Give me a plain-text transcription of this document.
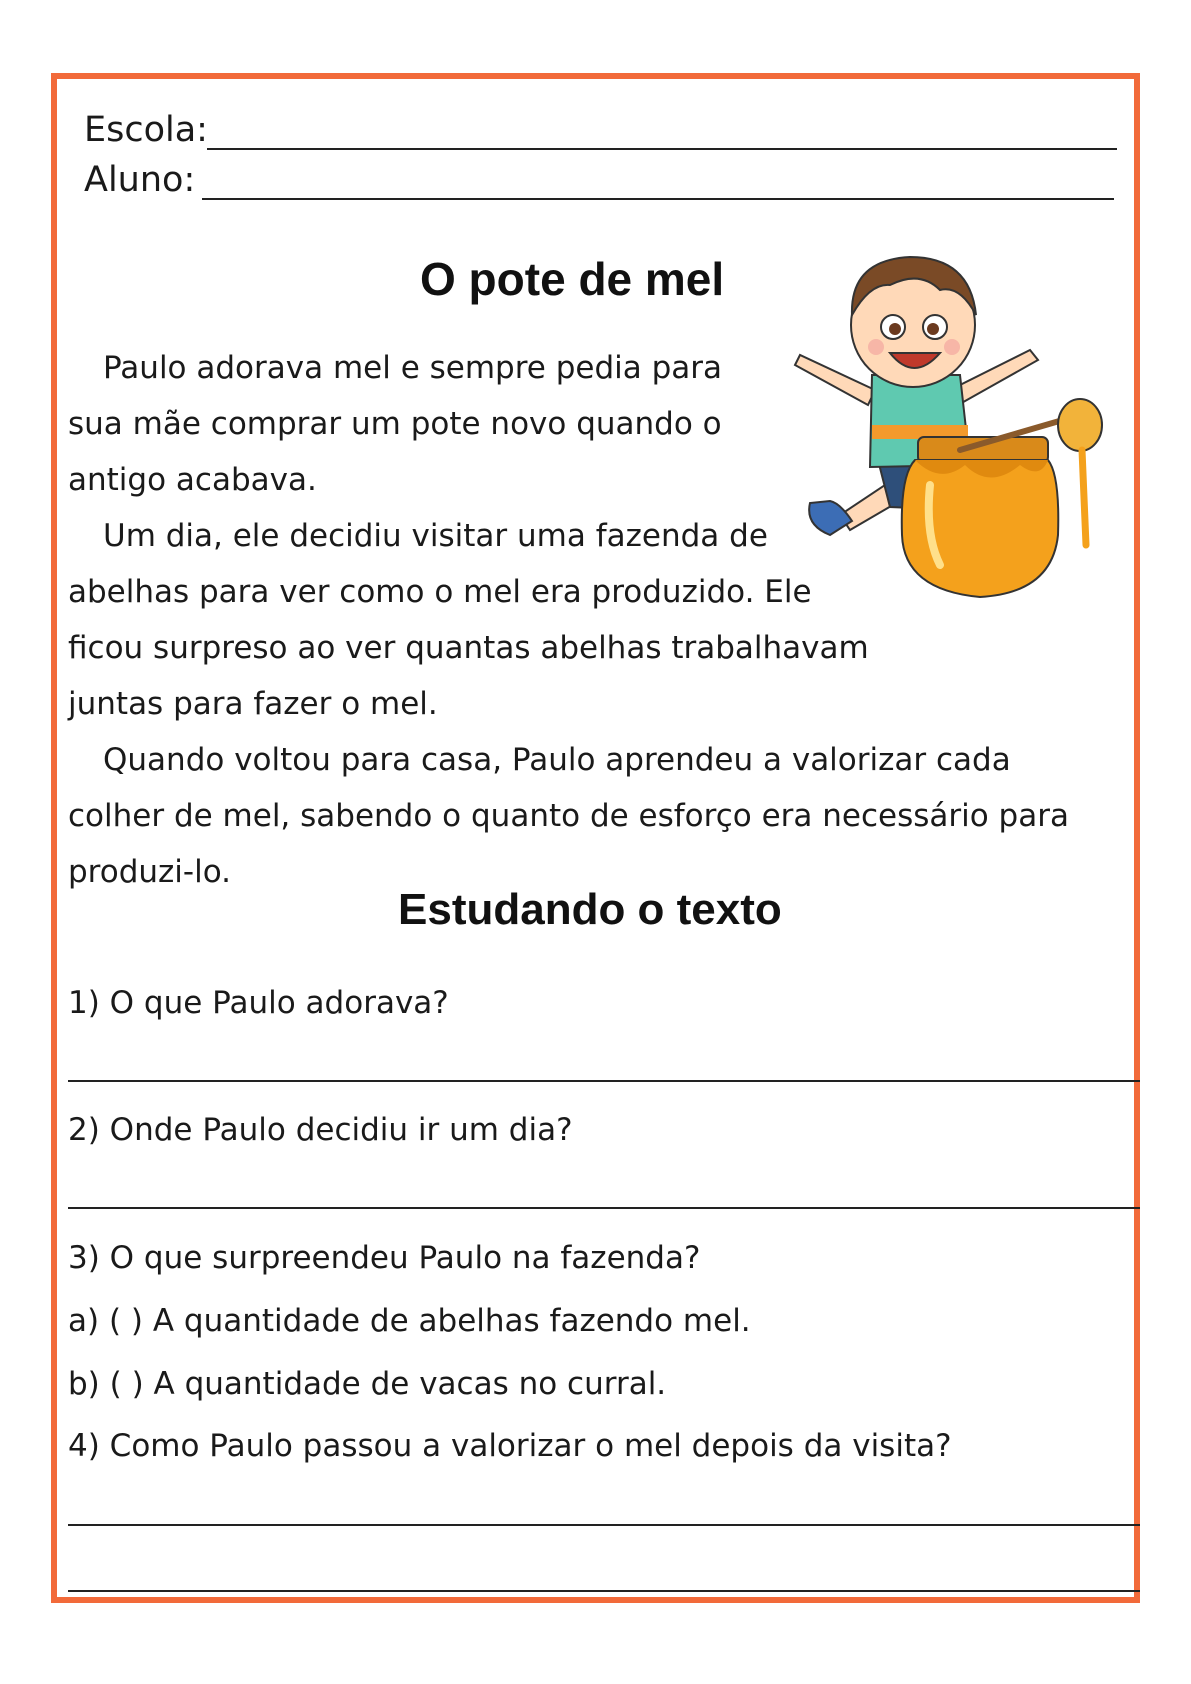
Escola:
Aluno:
O pote de mel
Paulo adorava mel e sempre pedia para
sua mãe comprar um pote novo quando o
antigo acabava.
Um dia, ele decidiu visitar uma fazenda de
abelhas para ver como o mel era produzido. Ele
ficou surpreso ao ver quantas abelhas trabalhavam
juntas para fazer o mel.
Quando voltou para casa, Paulo aprendeu a valorizar cada
colher de mel, sabendo o quanto de esforço era necessário para
produzi-lo.
Estudando o texto
1) O que Paulo adorava?
2) Onde Paulo decidiu ir um dia?
3) O que surpreendeu Paulo na fazenda?
a) ( ) A quantidade de abelhas fazendo mel.
b) ( ) A quantidade de vacas no curral.
4) Como Paulo passou a valorizar o mel depois da visita?
